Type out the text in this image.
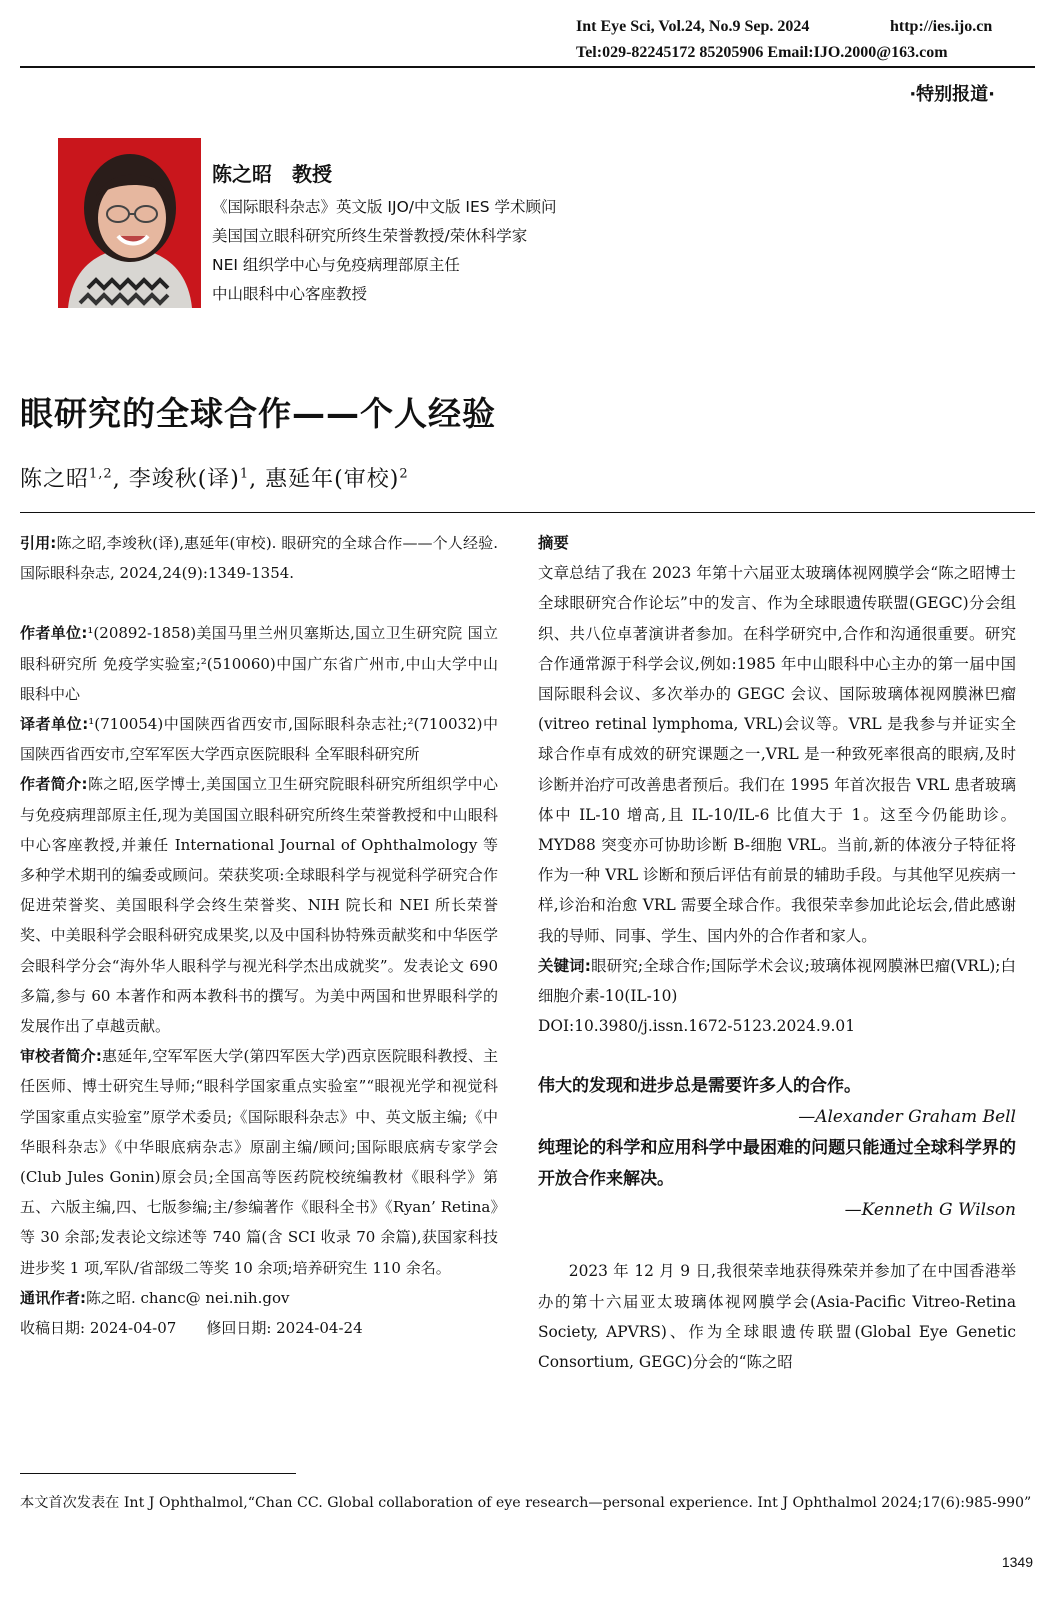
Int Eye Sci, Vol.24, No.9 Sep. 2024	http://ies.ijo.cn
Tel:029-82245172 85205906 Email:IJO.2000@163.com
·特别报道·
陈之昭　教授
《国际眼科杂志》英文版 IJO/中文版 IES 学术顾问
美国国立眼科研究所终生荣誉教授/荣休科学家
NEI 组织学中心与免疫病理部原主任
中山眼科中心客座教授
眼研究的全球合作——个人经验
陈之昭$^{1,2}$, 李竣秋(译)$^1$, 惠延年(审校)$^2$

引用:陈之昭,李竣秋(译),惠延年(审校). 眼研究的全球合作——个人经验. 国际眼科杂志, 2024,24(9):1349-1354.

作者单位:¹(20892-1858)美国马里兰州贝塞斯达,国立卫生研究院 国立眼科研究所 免疫学实验室;²(510060)中国广东省广州市,中山大学中山眼科中心

译者单位:¹(710054)中国陕西省西安市,国际眼科杂志社;²(710032)中国陕西省西安市,空军军医大学西京医院眼科 全军眼科研究所

作者简介:陈之昭,医学博士,美国国立卫生研究院眼科研究所组织学中心与免疫病理部原主任,现为美国国立眼科研究所终生荣誉教授和中山眼科中心客座教授,并兼任 International Journal of Ophthalmology 等多种学术期刊的编委或顾问。荣获奖项:全球眼科学与视觉科学研究合作促进荣誉奖、美国眼科学会终生荣誉奖、NIH 院长和 NEI 所长荣誉奖、中美眼科学会眼科研究成果奖,以及中国科协特殊贡献奖和中华医学会眼科学分会“海外华人眼科学与视光科学杰出成就奖”。发表论文 690 多篇,参与 60 本著作和两本教科书的撰写。为美中两国和世界眼科学的发展作出了卓越贡献。

审校者简介:惠延年,空军军医大学(第四军医大学)西京医院眼科教授、主任医师、博士研究生导师;“眼科学国家重点实验室”“眼视光学和视觉科学国家重点实验室”原学术委员;《国际眼科杂志》中、英文版主编;《中华眼科杂志》《中华眼底病杂志》原副主编/顾问;国际眼底病专家学会(Club Jules Gonin)原会员;全国高等医药院校统编教材《眼科学》第五、六版主编,四、七版参编;主/参编著作《眼科全书》《Ryan’ Retina》等 30 余部;发表论文综述等 740 篇(含 SCI 收录 70 余篇),获国家科技进步奖 1 项,军队/省部级二等奖 10 余项;培养研究生 110 余名。

通讯作者:陈之昭. chanc@ nei.nih.gov

收稿日期: 2024-04-07   修回日期: 2024-04-24

摘要

文章总结了我在 2023 年第十六届亚太玻璃体视网膜学会“陈之昭博士全球眼研究合作论坛”中的发言、作为全球眼遗传联盟(GEGC)分会组织、共八位卓著演讲者参加。在科学研究中,合作和沟通很重要。研究合作通常源于科学会议,例如:1985 年中山眼科中心主办的第一届中国国际眼科会议、多次举办的 GEGC 会议、国际玻璃体视网膜淋巴瘤(vitreo retinal lymphoma, VRL)会议等。VRL 是我参与并证实全球合作卓有成效的研究课题之一,VRL 是一种致死率很高的眼病,及时诊断并治疗可改善患者预后。我们在 1995 年首次报告 VRL 患者玻璃体中 IL-10 增高,且 IL-10/IL-6 比值大于 1。这至今仍能助诊。MYD88 突变亦可协助诊断 B-细胞 VRL。当前,新的体液分子特征将作为一种 VRL 诊断和预后评估有前景的辅助手段。与其他罕见疾病一样,诊治和治愈 VRL 需要全球合作。我很荣幸参加此论坛会,借此感谢我的导师、同事、学生、国内外的合作者和家人。

关键词:眼研究;全球合作;国际学术会议;玻璃体视网膜淋巴瘤(VRL);白细胞介素-10(IL-10)

DOI:10.3980/j.issn.1672-5123.2024.9.01

伟大的发现和进步总是需要许多人的合作。
—Alexander Graham Bell
纯理论的科学和应用科学中最困难的问题只能通过全球科学界的开放合作来解决。
—Kenneth G Wilson

2023 年 12 月 9 日,我很荣幸地获得殊荣并参加了在中国香港举办的第十六届亚太玻璃体视网膜学会(Asia-Pacific Vitreo-Retina Society, APVRS)、作为全球眼遗传联盟(Global Eye Genetic Consortium, GEGC)分会的“陈之昭

本文首次发表在 Int J Ophthalmol,“Chan CC. Global collaboration of eye research—personal experience. Int J Ophthalmol 2024;17(6):985-990”
1349
